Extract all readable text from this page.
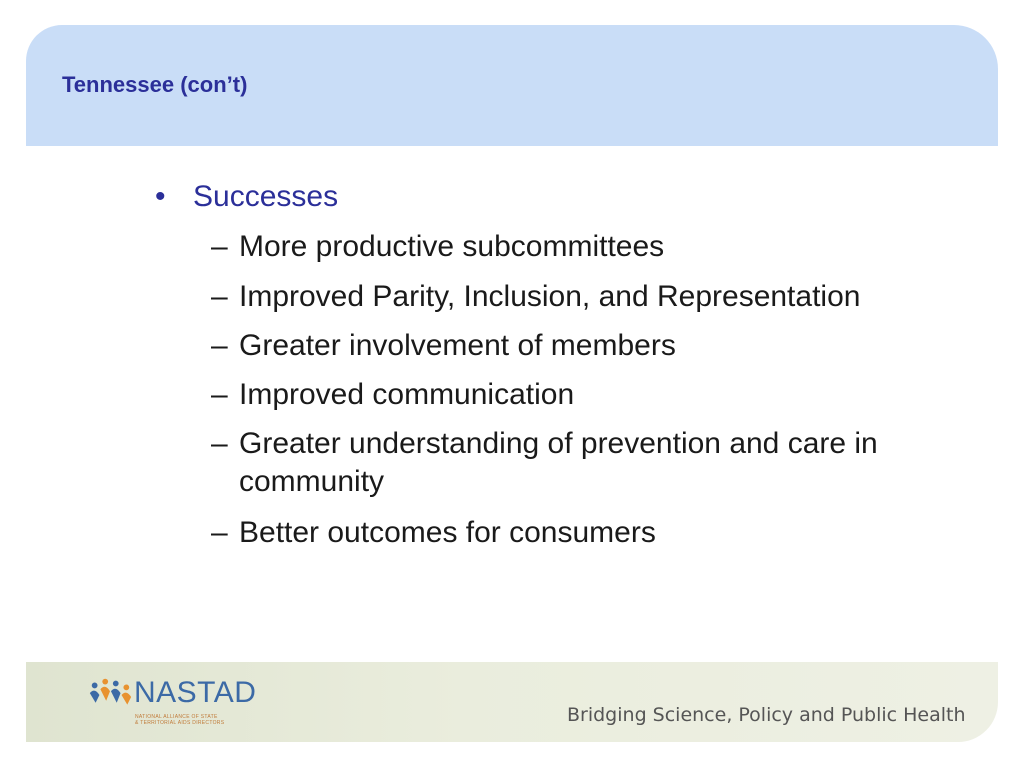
Tennessee (con’t)
• Successes
– More productive subcommittees
– Improved Parity, Inclusion, and Representation
– Greater involvement of members
– Improved communication
– Greater understanding of prevention and care in community
– Better outcomes for consumers
NASTAD
NATIONAL ALLIANCE OF STATE
& TERRITORIAL AIDS DIRECTORS	Bridging Science, Policy and Public Health
